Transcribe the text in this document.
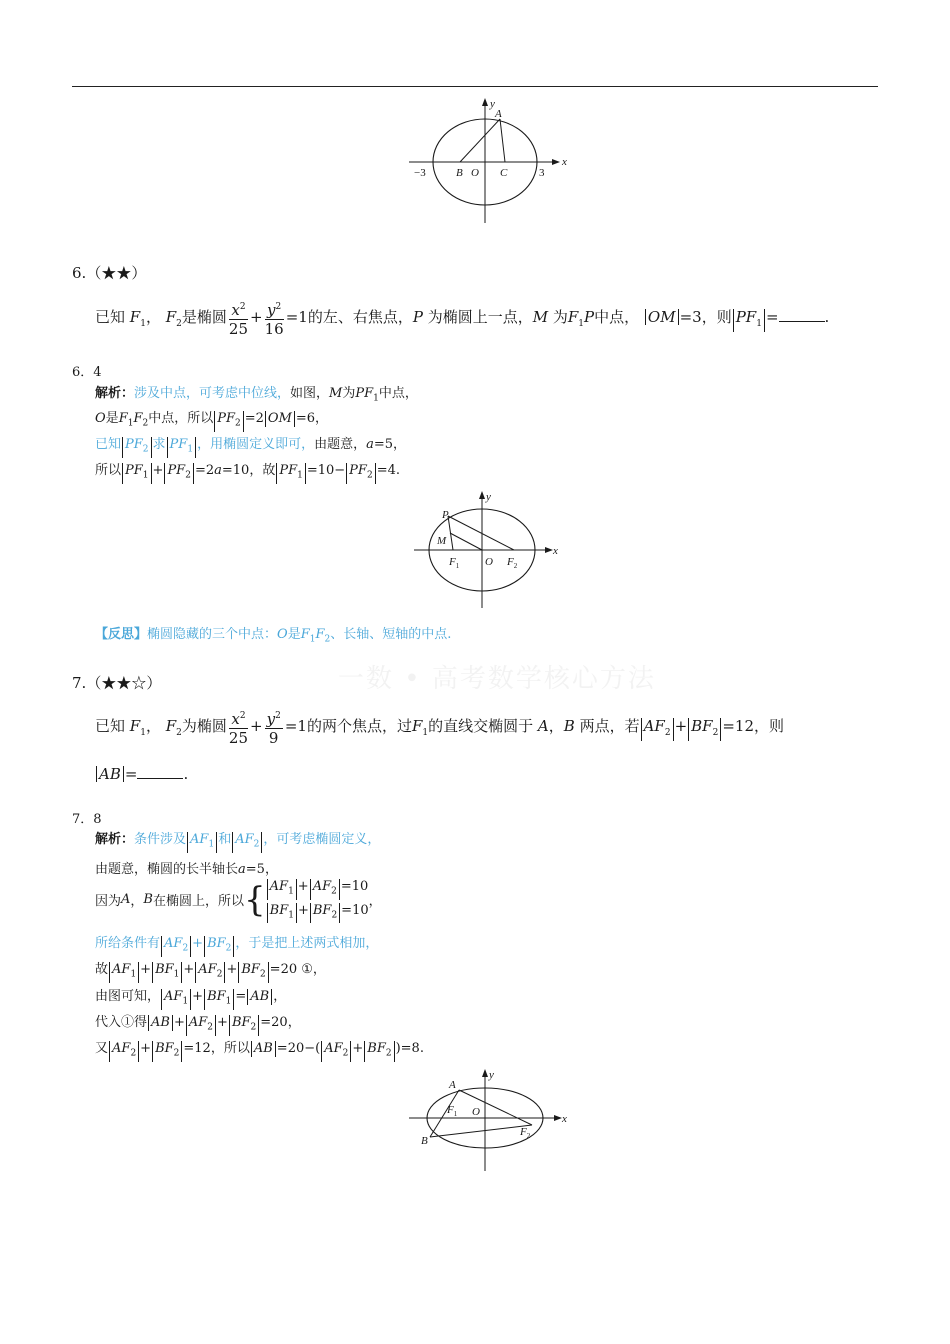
一数 • 高考数学核心方法
y
A
x
−3	B O C	3
6.（★★）
已知 $F_1$， $F_2$是椭圆 $\frac{x^2}{25} + \frac{y^2}{16} =1$的左、右焦点，P 为椭圆上一点，M 为$F_1P$中点， OM =3，则 $PF_1$ =	.
6．4
解析：涉及中点，可考虑中位线，如图，M为$PF_1$中点，
O是$F_1F_2$中点，所以 $PF_2 =2$ OM =6，
已知 $PF_2$ 求 $PF_1$ ，用椭圆定义即可，由题意，a=5，
所以 $PF_1 + PF_2 =2a=10$，故 $PF_1 =10- PF_2 =4$.
y
P
M
x
$F_1$ O $F_2$
【反思】椭圆隐藏的三个中点：O是$F_1F_2$、长轴、短轴的中点.
7.（★★☆）
已知 $F_1$， $F_2$为椭圆 $\frac{x^2}{25} + \frac{y^2}{9} =1$的两个焦点，过$F_1$的直线交椭圆于 A，B 两点，若 $AF_2 + BF_2 =12$，则
AB =	.
7．8
解析：条件涉及 $AF_1$ 和 $AF_2$ ，可考虑椭圆定义，
由题意，椭圆的长半轴长a=5，
因为A，B在椭圆上，所以{ $AF_1 + AF_2 =10$
$BF_1 + BF_2 =10$
，
所给条件有 $AF_2 + BF_2$ ，于是把上述两式相加，
故 $AF_1 + BF_1 + AF_2 + BF_2 =20$ ①，
由图可知， $AF_1 + BF_1$ = AB ，
代入①得 AB + $AF_2 + BF_2 =20$，
又 $AF_2 + BF_2 =12$，所以 AB =20−( $AF_2 + BF_2$ )=8.
y
A
x
$F_1$ O
$F_2$
B
